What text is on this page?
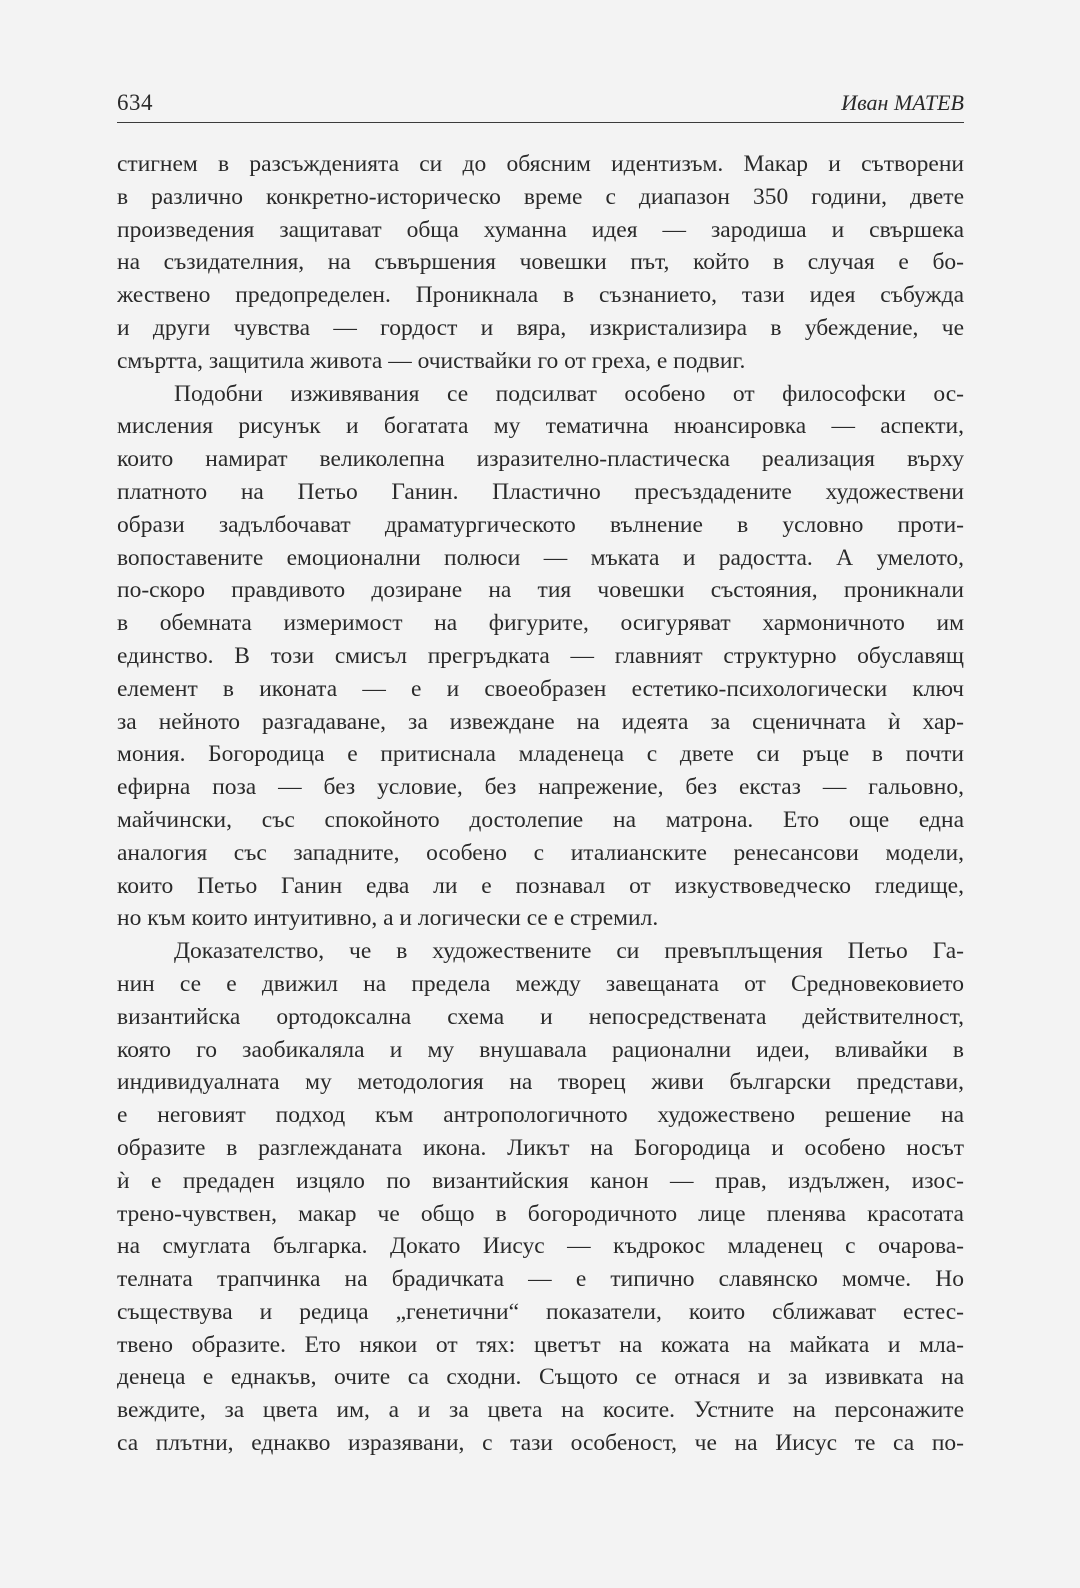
634	Иван МАТЕВ
стигнем в разсъжденията си до обясним идентизъм. Макар и сътворени
в различно конкретно-историческо време с диапазон 350 години, двете
произведения защитават обща хуманна идея — зародиша и свършека
на съзидателния, на съвършения човешки път, който в случая е бо-
жествено предопределен. Проникнала в съзнанието, тази идея събужда
и други чувства — гордост и вяра, изкристализира в убеждение, че
смъртта, защитила живота — очиствайки го от греха, е подвиг.
Подобни изживявания се подсилват особено от философски ос-
мисления рисунък и богатата му тематична нюансировка — аспекти,
които намират великолепна изразително-пластическа реализация върху
платното на Петьо Ганин. Пластично пресъздадените художествени
образи задълбочават драматургическото вълнение в условно проти-
вопоставените емоционални полюси — мъката и радостта. А умелото,
по-скоро правдивото дозиране на тия човешки състояния, проникнали
в обемната измеримост на фигурите, осигуряват хармоничното им
единство. В този смисъл прегръдката — главният структурно обуславящ
елемент в иконата — е и своеобразен естетико-психологически ключ
за нейното разгадаване, за извеждане на идеята за сценичната ѝ хар-
мония. Богородица е притиснала младенеца с двете си ръце в почти
ефирна поза — без условие, без напрежение, без екстаз — гальовно,
майчински, със спокойното достолепие на матрона. Ето още една
аналогия със западните, особено с италианските ренесансови модели,
които Петьо Ганин едва ли е познавал от изкуствоведческо гледище,
но към които интуитивно, а и логически се е стремил.
Доказателство, че в художествените си превъплъщения Петьо Га-
нин се е движил на предела между завещаната от Средновековието
византийска ортодоксална схема и непосредствената действителност,
която го заобикаляла и му внушавала рационални идеи, вливайки в
индивидуалната му методология на творец живи български представи,
е неговият подход към антропологичното художествено решение на
образите в разглежданата икона. Ликът на Богородица и особено носът
ѝ е предаден изцяло по византийския канон — прав, издължен, изос-
трено-чувствен, макар че общо в богородичното лице пленява красотата
на смуглата българка. Докато Иисус — къдрокос младенец с очарова-
телната трапчинка на брадичката — е типично славянско момче. Но
съществува и редица „генетични“ показатели, които сближават естес-
твено образите. Ето някои от тях: цветът на кожата на майката и мла-
денеца е еднакъв, очите са сходни. Същото се отнася и за извивката на
веждите, за цвета им, а и за цвета на косите. Устните на персонажите
са плътни, еднакво изразявани, с тази особеност, че на Иисус те са по-
